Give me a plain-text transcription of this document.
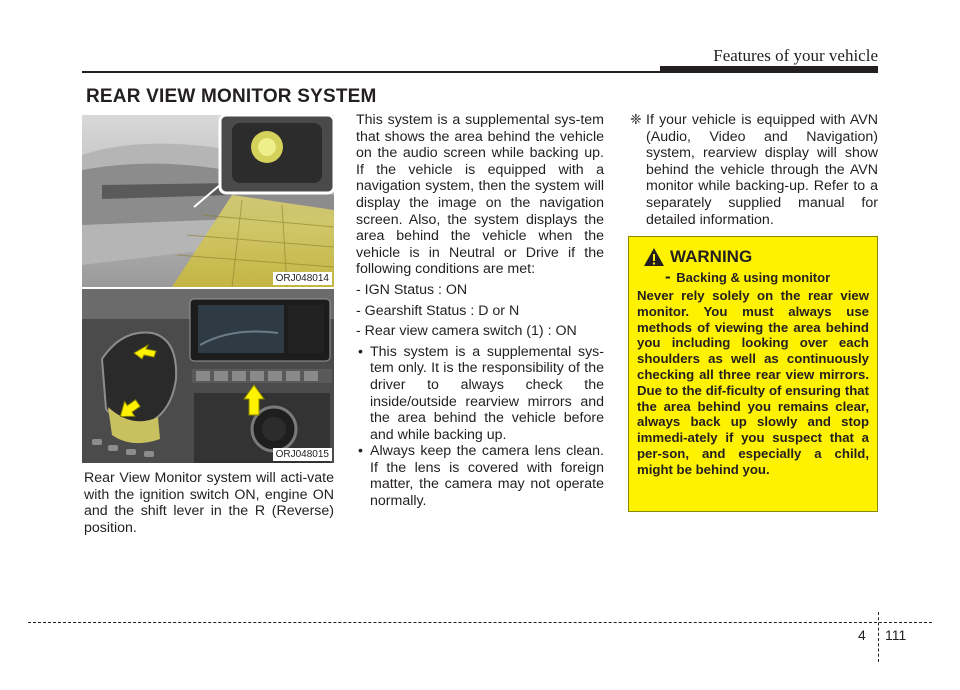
Features of your vehicle
REAR VIEW MONITOR SYSTEM
ORJ048014
ORJ048015
Rear View Monitor system will acti-vate with the ignition switch ON, engine ON and the shift lever in the R (Reverse) position.

This system is a supplemental sys-tem that shows the area behind the vehicle on the audio screen while backing up. If the vehicle is equipped with a navigation system, then the system will display the image on the navigation screen. Also, the system displays the area behind the vehicle when the vehicle is in Neutral or Drive if the following conditions are met:

- IGN Status : ON
- Gearshift Status : D or N
- Rear view camera switch (1) : ON
• This system is a supplemental sys-tem only. It is the responsibility of the driver to always check the inside/outside rearview mirrors and the area behind the vehicle before and while backing up.
• Always keep the camera lens clean. If the lens is covered with foreign matter, the camera may not operate normally.
❈ If your vehicle is equipped with AVN (Audio, Video and Navigation) system, rearview display will show behind the vehicle through the AVN monitor while backing-up. Refer to a separately supplied manual for detailed information.
WARNING
- Backing & using monitor
Never rely solely on the rear view monitor. You must always use methods of viewing the area behind you including looking over each shoulders as well as continuously checking all three rear view mirrors. Due to the dif-ficulty of ensuring that the area behind you remains clear, always back up slowly and stop immedi-ately if you suspect that a per-son, and especially a child, might be behind you.
4 111
